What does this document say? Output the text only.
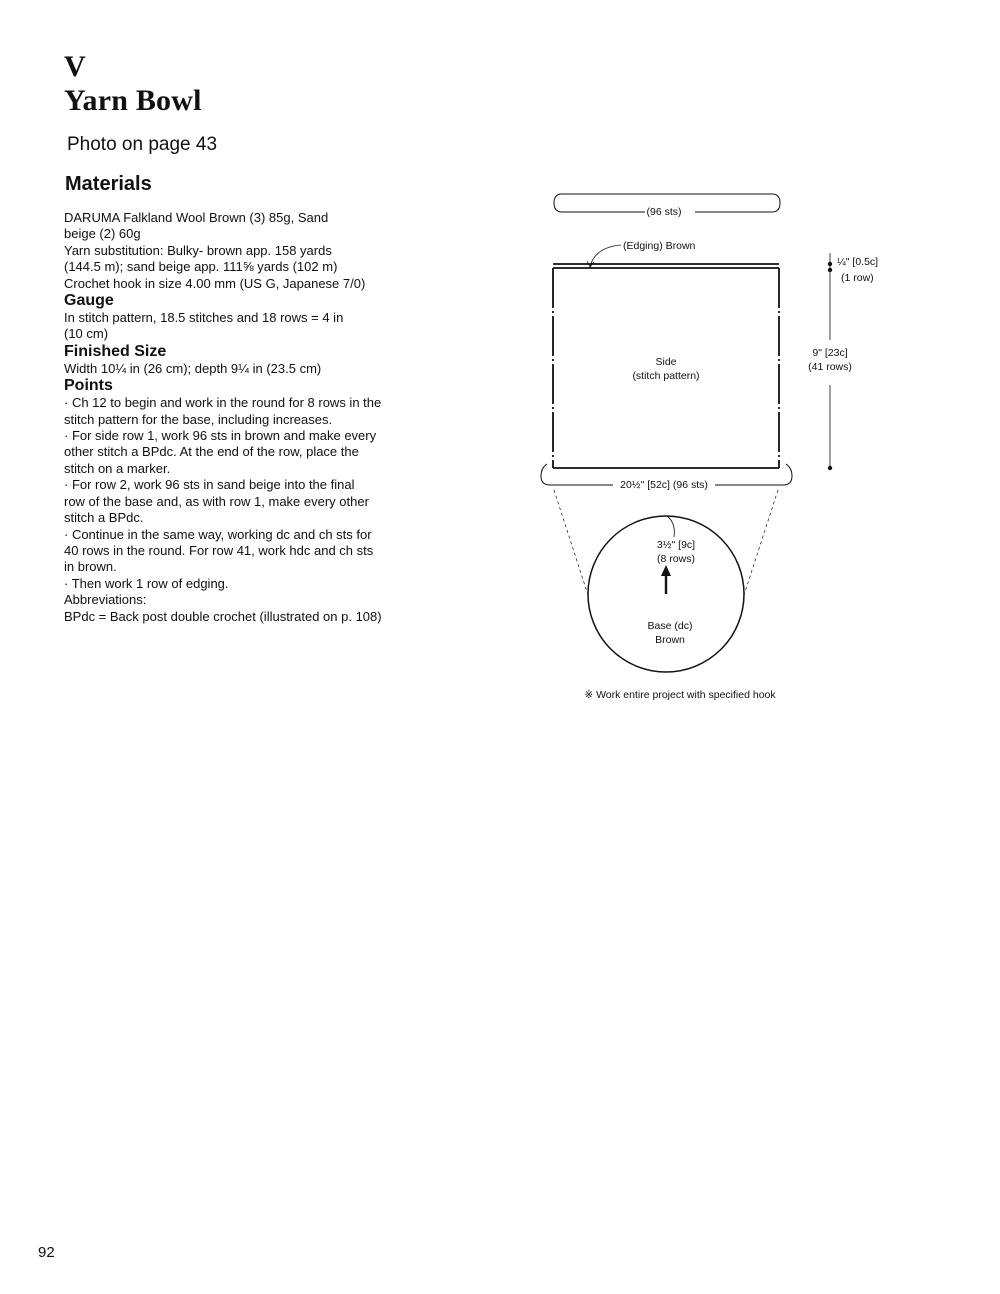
V
Yarn Bowl
Photo on page 43
Materials
DARUMA Falkland Wool Brown (3) 85g, Sand
beige (2) 60g
Yarn substitution: Bulky- brown app. 158 yards
(144.5 m); sand beige app. 111⅝ yards (102 m)
Crochet hook in size 4.00 mm (US G, Japanese 7/0)
Gauge
In stitch pattern, 18.5 stitches and 18 rows = 4 in
(10 cm)
Finished Size
Width 10¼ in (26 cm); depth 9¼ in (23.5 cm)
Points
· Ch 12 to begin and work in the round for 8 rows in the
stitch pattern for the base, including increases.
· For side row 1, work 96 sts in brown and make every
other stitch a BPdc. At the end of the row, place the
stitch on a marker.
· For row 2, work 96 sts in sand beige into the final
row of the base and, as with row 1, make every other
stitch a BPdc.
· Continue in the same way, working dc and ch sts for
40 rows in the round. For row 41, work hdc and ch sts
in brown.
· Then work 1 row of edging.
Abbreviations:
BPdc = Back post double crochet (illustrated on p. 108)
(96 sts)
(Edging) Brown
Side
(stitch pattern)
¼" [0.5c]
(1 row)
9" [23c]
(41 rows)
20½" [52c] (96 sts)
3½" [9c]
(8 rows)
Base (dc)
Brown
※ Work entire project with specified hook
92
